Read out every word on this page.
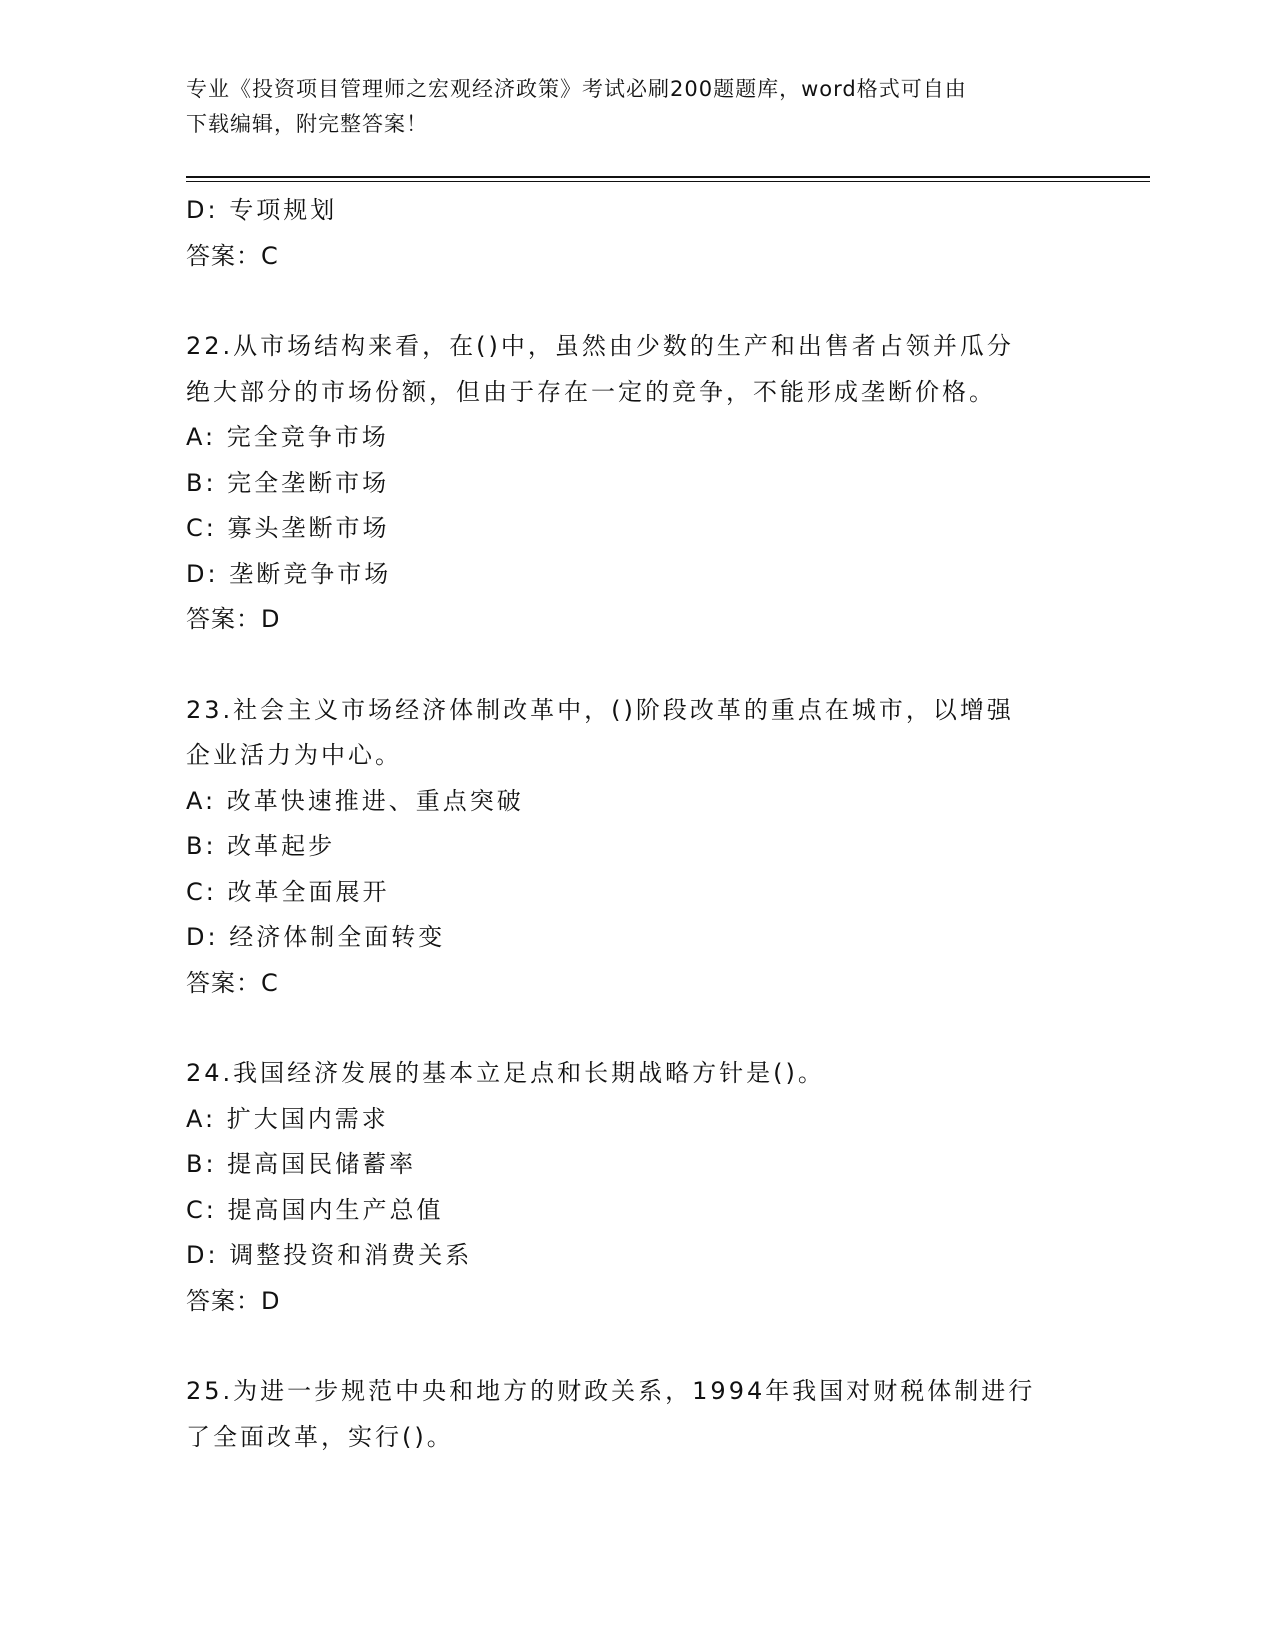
专业《投资项目管理师之宏观经济政策》考试必刷200题题库，word格式可自由
下载编辑，附完整答案！
D: 专项规划
答案：C
22.从市场结构来看，在()中，虽然由少数的生产和出售者占领并瓜分
绝大部分的市场份额，但由于存在一定的竞争，不能形成垄断价格。
A: 完全竞争市场
B: 完全垄断市场
C: 寡头垄断市场
D: 垄断竞争市场
答案：D
23.社会主义市场经济体制改革中，()阶段改革的重点在城市，以增强
企业活力为中心。
A: 改革快速推进、重点突破
B: 改革起步
C: 改革全面展开
D: 经济体制全面转变
答案：C
24.我国经济发展的基本立足点和长期战略方针是()。
A: 扩大国内需求
B: 提高国民储蓄率
C: 提高国内生产总值
D: 调整投资和消费关系
答案：D
25.为进一步规范中央和地方的财政关系，1994年我国对财税体制进行
了全面改革，实行()。
